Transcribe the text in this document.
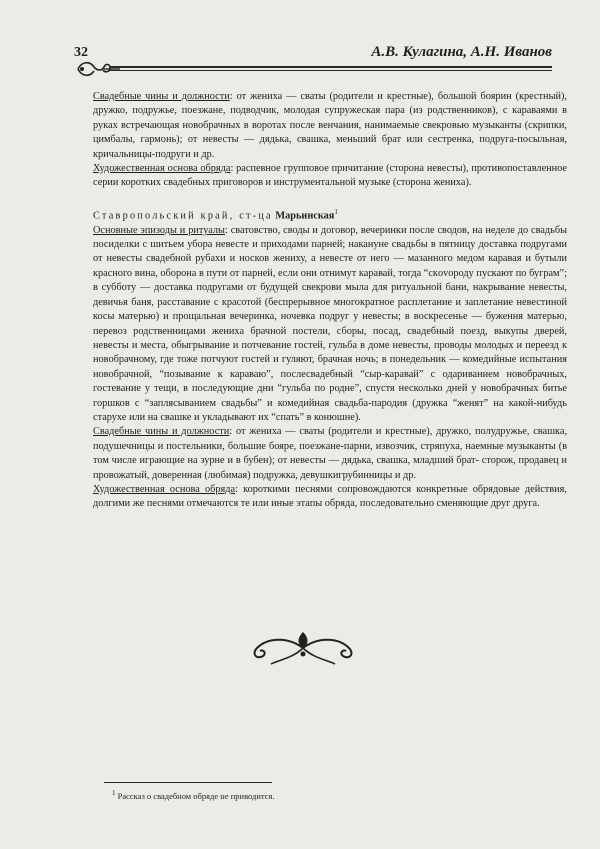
32	А.В. Кулагина, А.Н. Иванов

Свадебные чины и должности: от жениха — сваты (родители и крестные), большой боярин (крестный), дружко, подружье, поезжане, подводчик, молодая супружеская пара (из родственников), с караваями в руках встречающая новобрачных в воротах после венчания, нанимаемые свекровью музыканты (скрипки, цимбалы, гармонь); от невесты — дядька, свашка, меньший брат или сестренка, подруга-посыльная, кричальницы-подруги и др.

Художественная основа обряда: распевное групповое причитание (сторона невесты), противопоставленное серии коротких свадебных приговоров и инструментальной музыке (сторона жениха).

Ставропольский край, ст-ца Марьинская$^1$

Основные эпизоды и ритуалы: сватовство, своды и договор, вечеринки после сводов, на неделе до свадьбы посиделки с шитьем убора невесте и приходами парней; накануне свадьбы в пятницу доставка подругами от невесты свадебной рубахи и носков жениху, а невесте от него — мазанного медом каравая и бутыли красного вина, оборона в пути от парней, если они отнимут каравай, тогда “скovороду пускают по буграм”; в субботу — доставка подругами от будущей свекрови мыла для ритуальной бани, накрывание невесты, девичья баня, расставание с красотой (беспрерывное многократное расплетание и заплетание невестиной косы матерью) и прощальная вечеринка, ночевка подруг у невесты; в воскресенье — буження матерью, перевоз родственницами жениха брачной постели, сборы, посад, свадебный поезд, выкупы дверей, невесты и места, обыгрывание и потчевание гостей, гульба в доме невесты, проводы молодых и переезд к новобрачному, где тоже потчуют гостей и гуляют, брачная ночь; в понедельник — комедийные испытания новобрачной, “позывание к караваю”, послесвадебный “сыр-каравай” с одариванием новобрачных, гостевание у тещи, в последующие дни “гульба по родне”, спустя несколько дней у новобрачных битье горшков с “заплясыванием свадьбы” и комедийная свадьба-пародия (дружка “женят” на какой-нибудь старухе или на свашке и укладывают их “спать” в конюшне).

Свадебные чины и должности: от жениха — сваты (родители и крестные), дружкo, полудружье, свашка, подушечницы и постельники, большие бояре, поезжане-парни, извозчик, стряпуха, наемные музыканты (в том числе играющие на зурне и в бубен); от невесты — дядька, свашка, младший брат- сторож, продавец и провожатый, доверенная (любимая) подружка, девушкигрубинницы и др.

Художественная основа обряда: короткими песнями сопровождаются конкретные обрядовые действия, долгими же песнями отмечаются те или иные этапы обряда, последовательно сменяющие друг друга.

$^1$ Рассказ о свадебном обряде не приводится.
